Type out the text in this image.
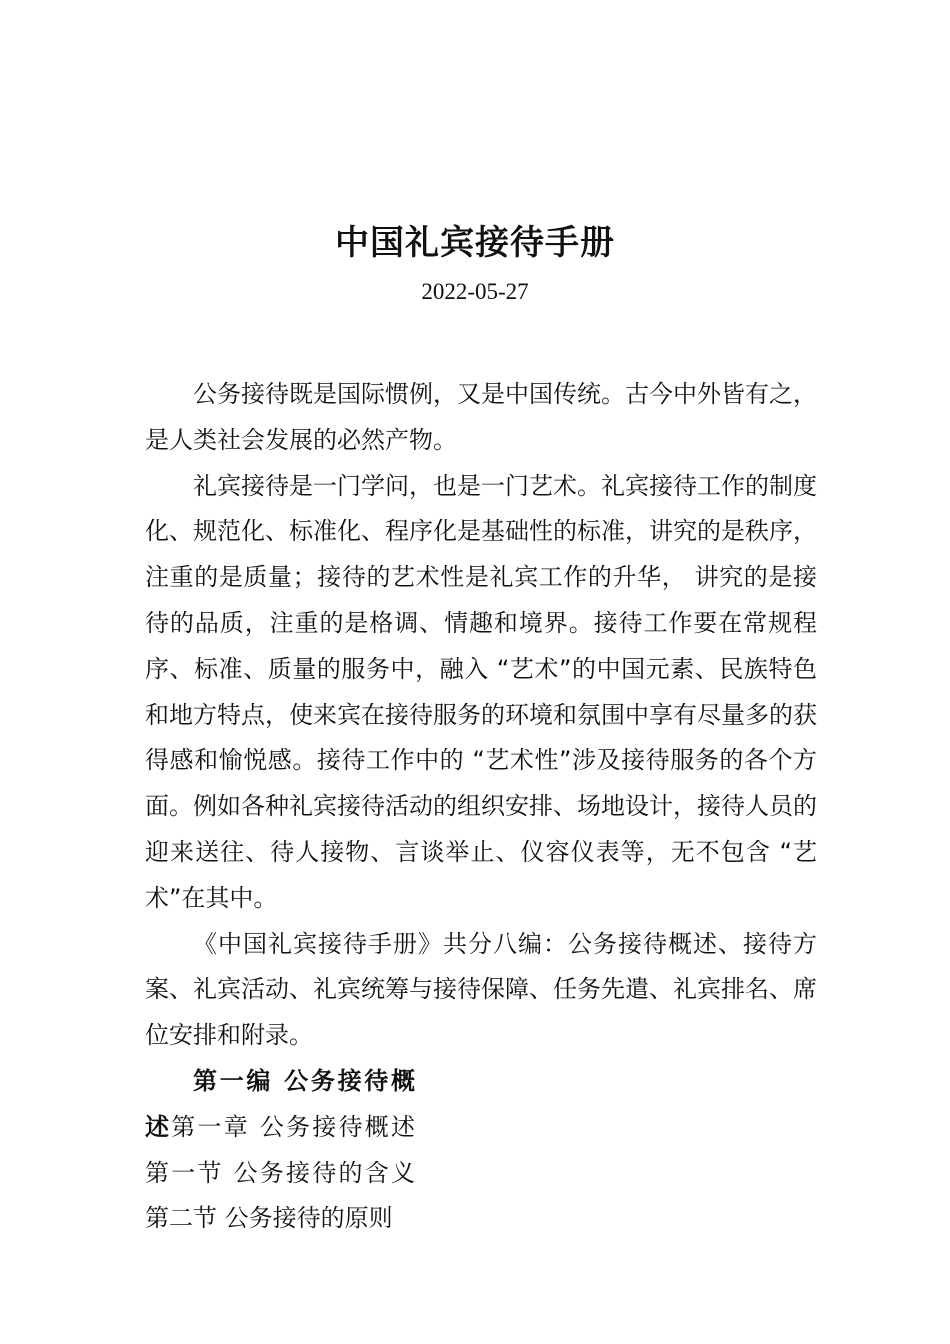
中国礼宾接待手册
2022-05-27

公务接待既是国际惯例，又是中国传统。古今中外皆有之，是人类社会发展的必然产物。

礼宾接待是一门学问，也是一门艺术。礼宾接待工作的制度化、规范化、标准化、程序化是基础性的标准，讲究的是秩序，注重的是质量；接待的艺术性是礼宾工作的升华， 讲究的是接待的品质，注重的是格调、情趣和境界。接待工作要在常规程序、标准、质量的服务中，融入 “艺术”的中国元素、民族特色和地方特点，使来宾在接待服务的环境和氛围中享有尽量多的获得感和愉悦感。接待工作中的 “艺术性”涉及接待服务的各个方面。例如各种礼宾接待活动的组织安排、场地设计，接待人员的迎来送往、待人接物、言谈举止、仪容仪表等，无不包含 “艺术”在其中。

《中国礼宾接待手册》共分八编：公务接待概述、接待方案、礼宾活动、礼宾统筹与接待保障、任务先遣、礼宾排名、席位安排和附录。

第一编 公务接待概述第一章 公务接待概述第一节 公务接待的含义第二节 公务接待的原则
